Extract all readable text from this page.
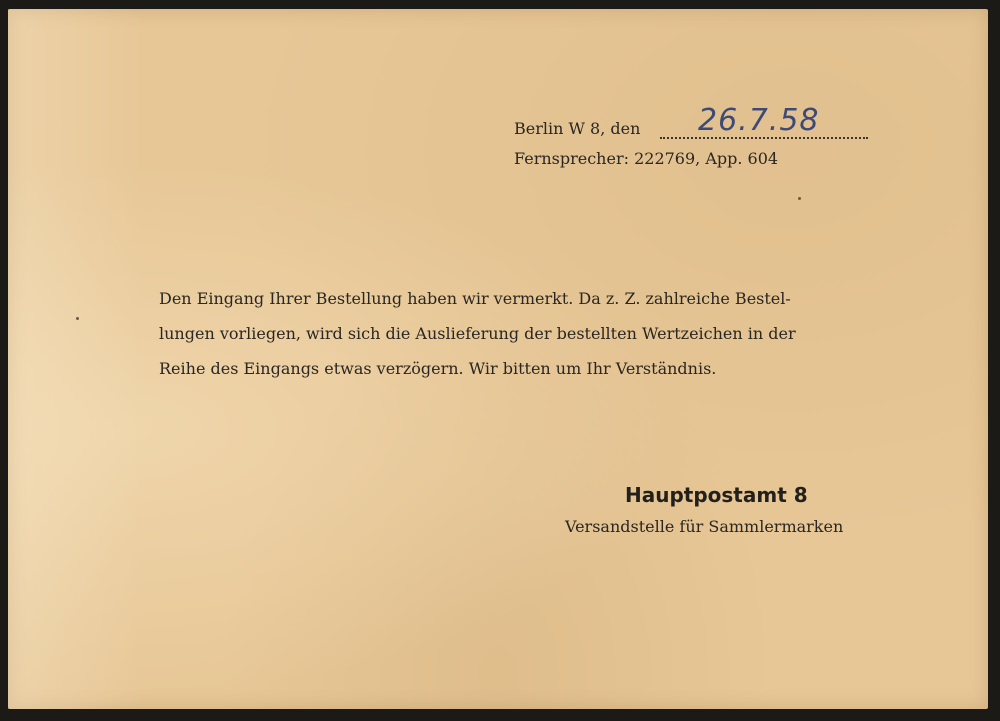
Berlin W 8, den 26.7.58
Fernsprecher: 222769, App. 604
Den Eingang Ihrer Bestellung haben wir vermerkt. Da z. Z. zahlreiche Bestel-
lungen vorliegen, wird sich die Auslieferung der bestellten Wertzeichen in der
Reihe des Eingangs etwas verzögern. Wir bitten um Ihr Verständnis.
Hauptpostamt 8
Versandstelle für Sammlermarken
